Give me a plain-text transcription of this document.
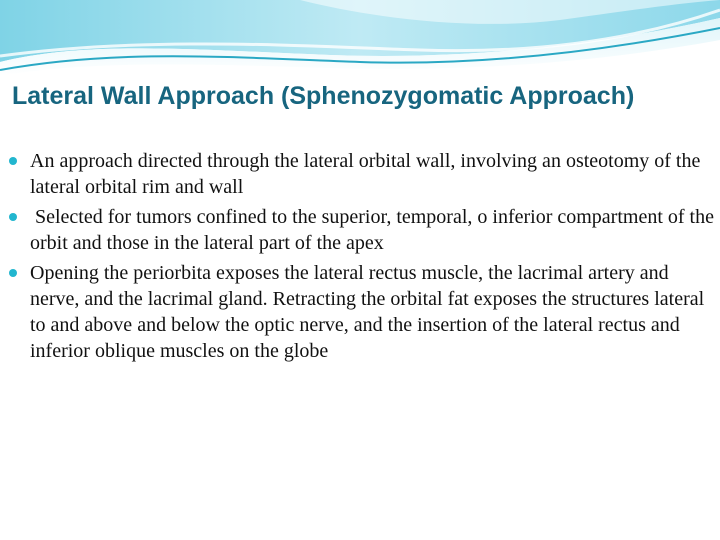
Lateral Wall Approach (Sphenozygomatic Approach)
An approach directed through the lateral orbital wall, involving an osteotomy of the lateral orbital rim and wall
Selected for tumors confined to the superior, temporal, o inferior compartment of the orbit and those in the lateral part of the apex
Opening the periorbita exposes the lateral rectus muscle, the lacrimal artery and nerve, and the lacrimal gland. Retracting the orbital fat exposes the structures lateral to and above and below the optic nerve, and the insertion of the lateral rectus and inferior oblique muscles on the globe
